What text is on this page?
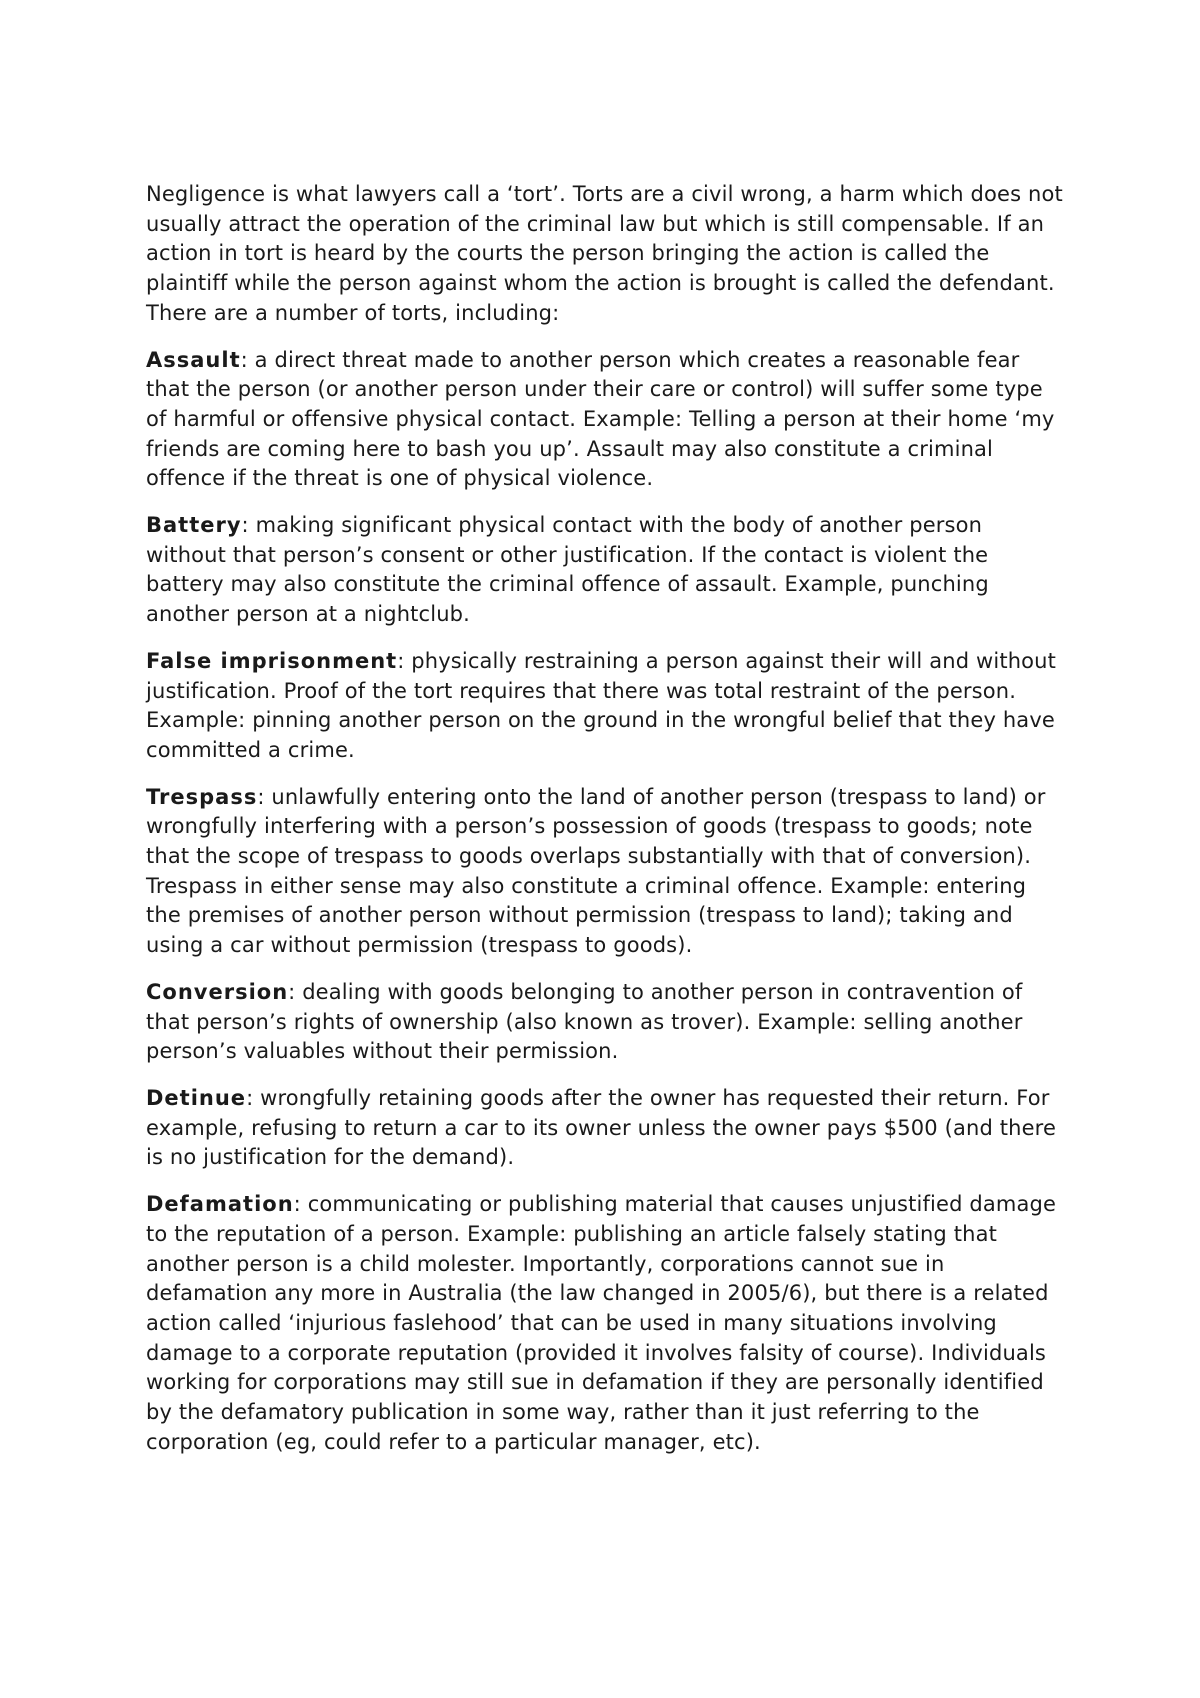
Negligence is what lawyers call a ‘tort’. Torts are a civil wrong, a harm which does not usually attract the operation of the criminal law but which is still compensable. If an action in tort is heard by the courts the person bringing the action is called the plaintiff while the person against whom the action is brought is called the defendant. There are a number of torts, including:

Assault: a direct threat made to another person which creates a reasonable fear that the person (or another person under their care or control) will suffer some type of harmful or offensive physical contact. Example: Telling a person at their home ‘my friends are coming here to bash you up’. Assault may also constitute a criminal offence if the threat is one of physical violence.

Battery: making significant physical contact with the body of another person without that person’s consent or other justification. If the contact is violent the battery may also constitute the criminal offence of assault. Example, punching another person at a nightclub.

False imprisonment: physically restraining a person against their will and without justification. Proof of the tort requires that there was total restraint of the person. Example: pinning another person on the ground in the wrongful belief that they have committed a crime.

Trespass: unlawfully entering onto the land of another person (trespass to land) or wrongfully interfering with a person’s possession of goods (trespass to goods; note that the scope of trespass to goods overlaps substantially with that of conversion). Trespass in either sense may also constitute a criminal offence. Example: entering the premises of another person without permission (trespass to land); taking and using a car without permission (trespass to goods).

Conversion: dealing with goods belonging to another person in contravention of that person’s rights of ownership (also known as trover). Example: selling another person’s valuables without their permission.

Detinue: wrongfully retaining goods after the owner has requested their return. For example, refusing to return a car to its owner unless the owner pays $500 (and there is no justification for the demand).

Defamation: communicating or publishing material that causes unjustified damage to the reputation of a person. Example: publishing an article falsely stating that another person is a child molester. Importantly, corporations cannot sue in defamation any more in Australia (the law changed in 2005/6), but there is a related action called ‘injurious faslehood’ that can be used in many situations involving damage to a corporate reputation (provided it involves falsity of course). Individuals working for corporations may still sue in defamation if they are personally identified by the defamatory publication in some way, rather than it just referring to the corporation (eg, could refer to a particular manager, etc).
